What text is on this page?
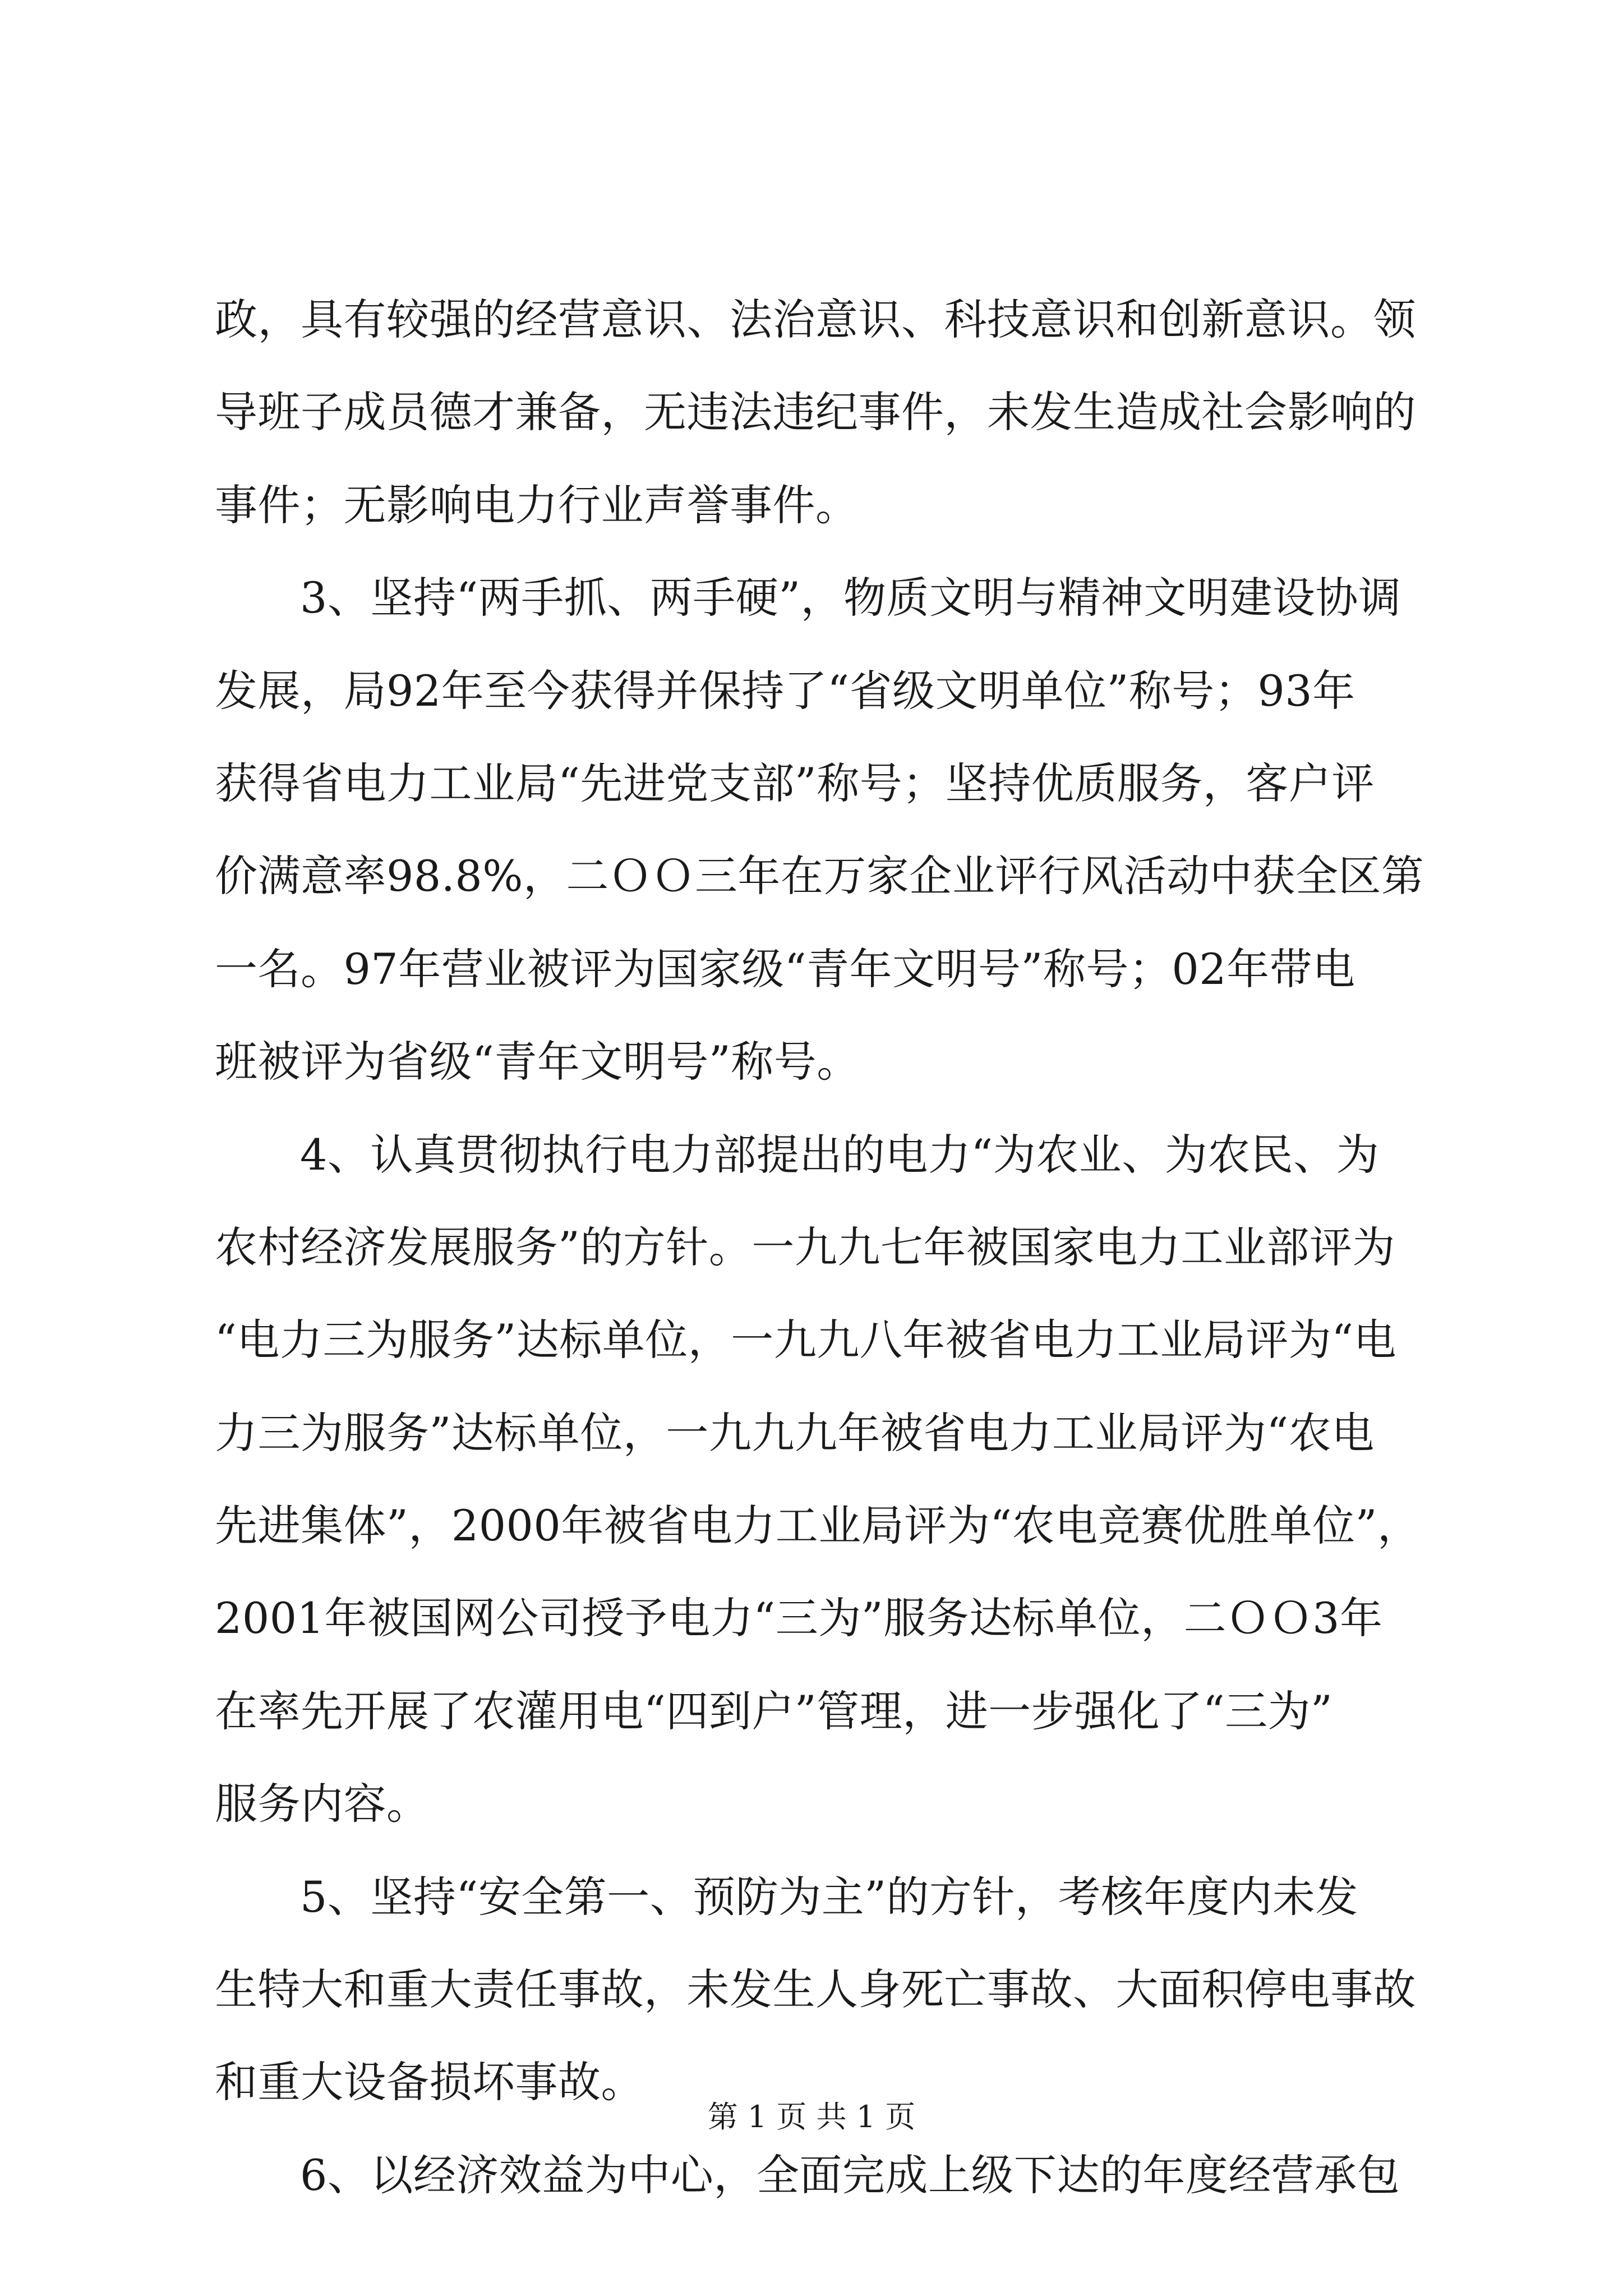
政，具有较强的经营意识、法治意识、科技意识和创新意识。领

导班子成员德才兼备，无违法违纪事件，未发生造成社会影响的

事件；无影响电力行业声誉事件。

3、坚持“两手抓、两手硬”，物质文明与精神文明建设协调

发展，局92年至今获得并保持了“省级文明单位”称号；93年

获得省电力工业局“先进党支部”称号；坚持优质服务，客户评

价满意率98.8%，二ＯＯ三年在万家企业评行风活动中获全区第

一名。97年营业被评为国家级“青年文明号”称号；02年带电

班被评为省级“青年文明号”称号。

4、认真贯彻执行电力部提出的电力“为农业、为农民、为

农村经济发展服务”的方针。一九九七年被国家电力工业部评为

“电力三为服务”达标单位，一九九八年被省电力工业局评为“电

力三为服务”达标单位，一九九九年被省电力工业局评为“农电

先进集体”，2000年被省电力工业局评为“农电竞赛优胜单位”，

2001年被国网公司授予电力“三为”服务达标单位，二ＯＯ3年

在率先开展了农灌用电“四到户”管理，进一步强化了“三为”

服务内容。

5、坚持“安全第一、预防为主”的方针，考核年度内未发

生特大和重大责任事故，未发生人身死亡事故、大面积停电事故

和重大设备损坏事故。

6、以经济效益为中心，全面完成上级下达的年度经营承包

第 1 页 共 1 页
